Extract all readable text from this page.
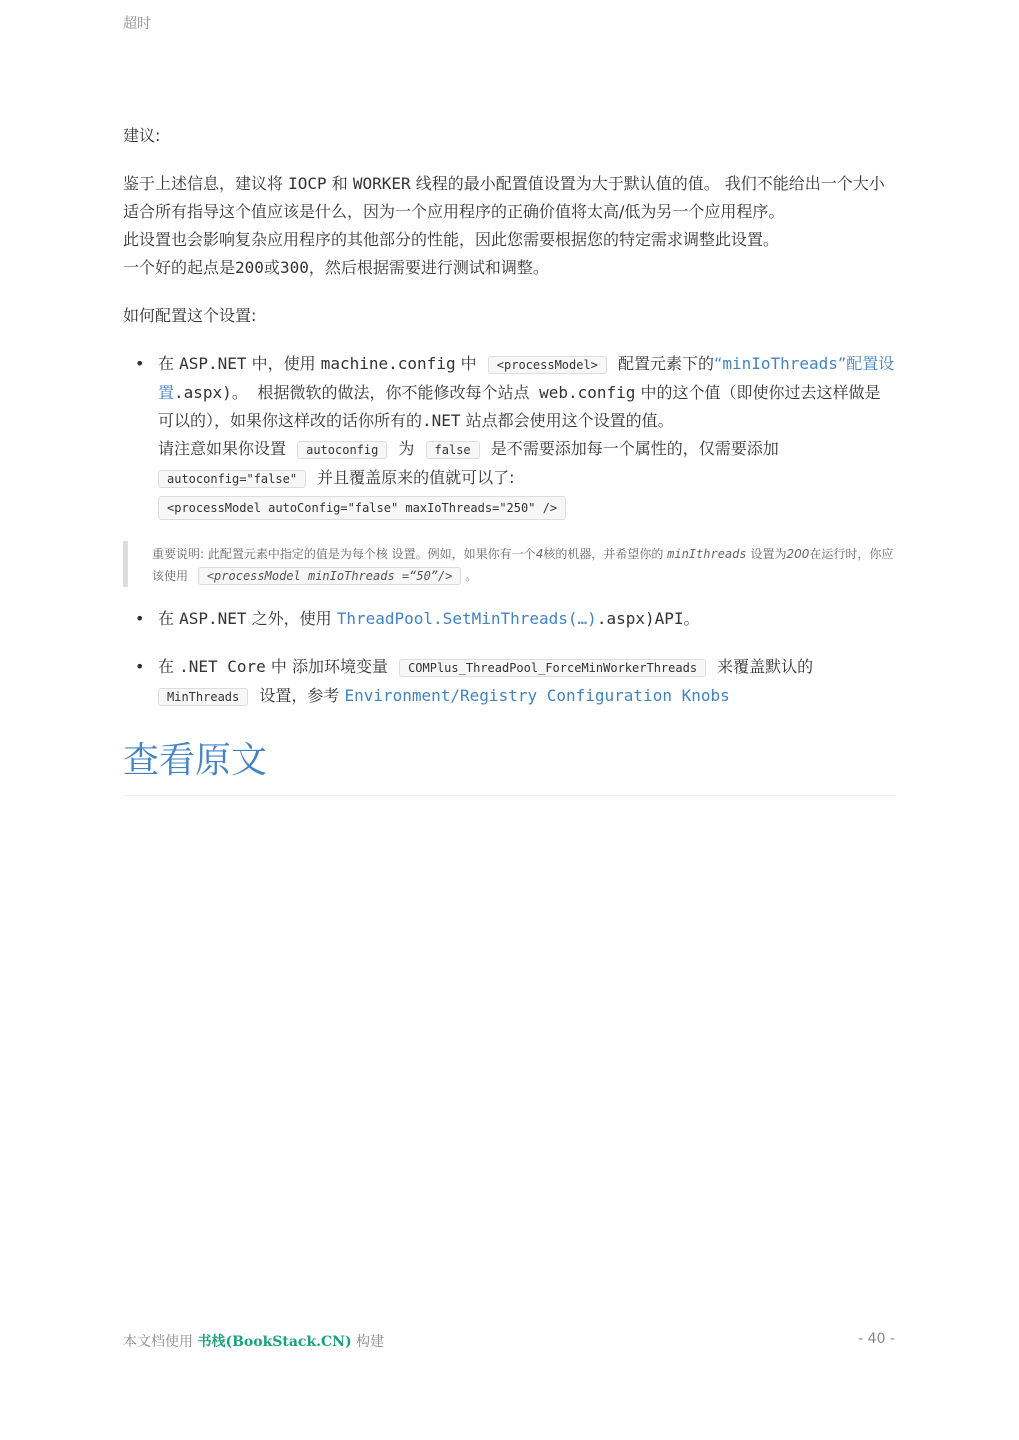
超时

建议:

鉴于上述信息，建议将 IOCP 和 WORKER 线程的最小配置值设置为大于默认值的值。 我们不能给出一个大小适合所有指导这个值应该是什么，因为一个应用程序的正确价值将太高/低为另一个应用程序。

此设置也会影响复杂应用程序的其他部分的性能，因此您需要根据您的特定需求调整此设置。

一个好的起点是200或300，然后根据需要进行测试和调整。

如何配置这个设置:

• 在 ASP.NET 中，使用 machine.config 中 <processModel> 配置元素下的“minIoThreads”配置设置.aspx)。 根据微软的做法，你不能修改每个站点 web.config 中的这个值（即使你过去这样做是可以的），如果你这样改的话你所有的.NET 站点都会使用这个设置的值。
请注意如果你设置 autoconfig 为 false 是不需要添加每一个属性的，仅需要添加
autoconfig="false" 并且覆盖原来的值就可以了:
<processModel autoConfig="false" maxIoThreads="250" />
重要说明: 此配置元素中指定的值是为每个核 设置。例如，如果你有一个4核的机器，并希望你的 minIthreads 设置为200在运行时，你应该使用 <processModel minIoThreads =“50”/> 。
• 在 ASP.NET 之外，使用 ThreadPool.SetMinThreads(…).aspx)API。
• 在 .NET Core 中 添加环境变量 COMPlus_ThreadPool_ForceMinWorkerThreads 来覆盖默认的
MinThreads 设置，参考 Environment/Registry Configuration Knobs
查看原文
本文档使用 书栈(BookStack.CN) 构建	- 40 -
